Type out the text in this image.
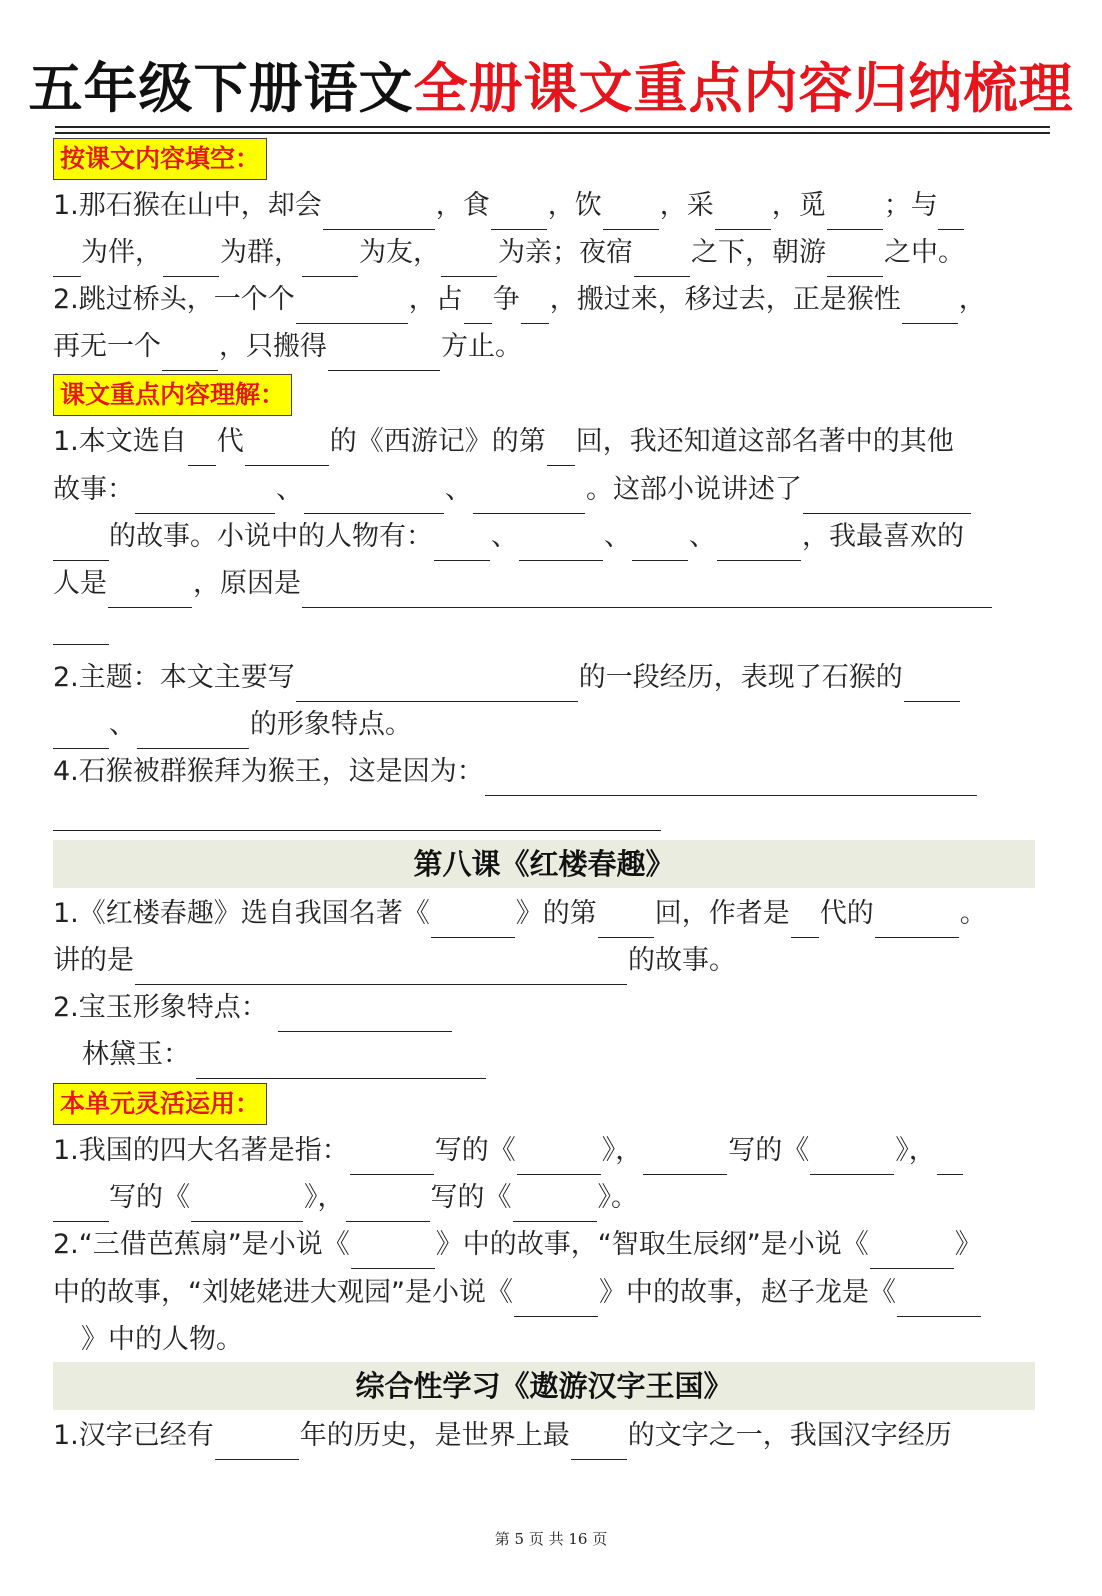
五年级下册语文全册课文重点内容归纳梳理
按课文内容填空：
1.那石猴在山中，却会	，食 ，饮 ，采 ，觅 ；与
为伴， 为群， 为友， 为亲；夜宿 之下，朝游 之中。
2.跳过桥头，一个个	，占 争 ，搬过来，移过去，正是猴性 ，
再无一个 ，只搬得	方止。
课文重点内容理解：
1.本文选自 代	的《西游记》的第 回，我还知道这部名著中的其他
故事：	、	、	。这部小说讲述了
的故事。小说中的人物有： 、	、 、	，我最喜欢的
人是	，原因是
2.主题：本文主要写	的一段经历，表现了石猴的
、	的形象特点。
4.石猴被群猴拜为猴王，这是因为：
第八课《红楼春趣》
1.《红楼春趣》选自我国名著《	》的第 回，作者是 代的	。
讲的是	的故事。
2.宝玉形象特点：
林黛玉：
本单元灵活运用：
1.我国的四大名著是指：	写的《	》，	写的《	》，
写的《	》，	写的《	》。
2.“三借芭蕉扇”是小说《	》中的故事，“智取生辰纲”是小说《	》
中的故事，“刘姥姥进大观园”是小说《	》中的故事，赵子龙是《
》中的人物。
综合性学习《遨游汉字王国》
1.汉字已经有	年的历史，是世界上最 的文字之一，我国汉字经历
第 5 页 共 16 页
